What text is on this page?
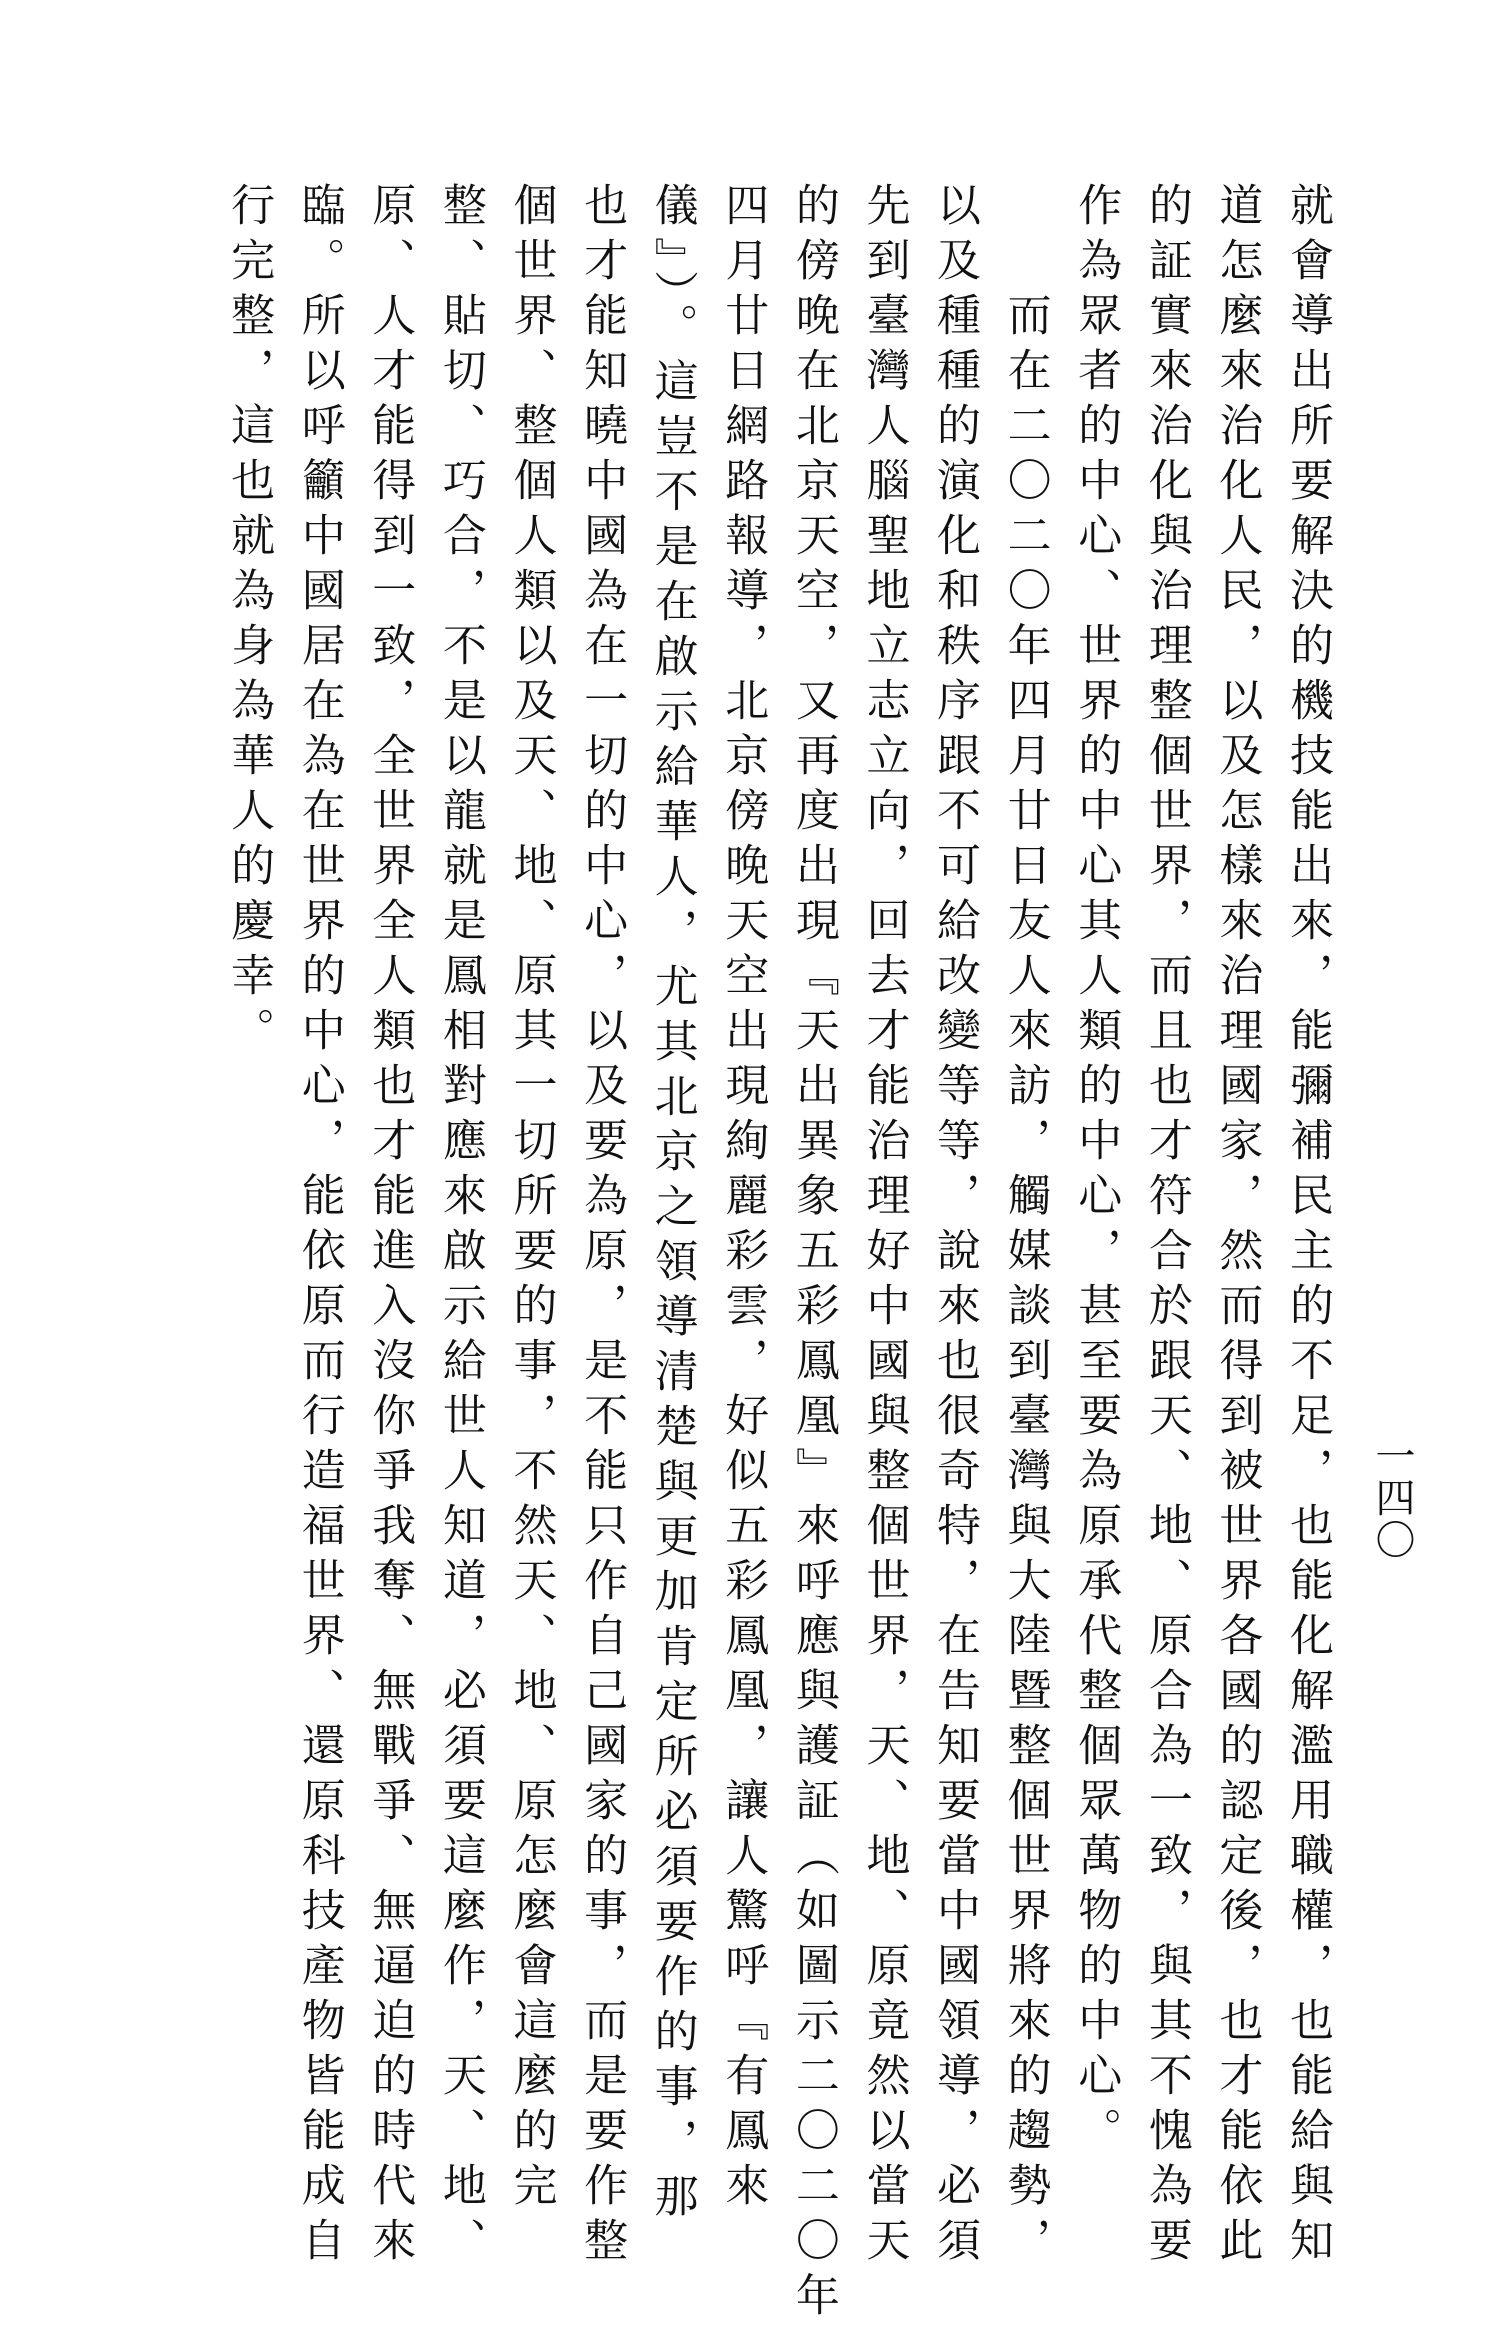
一四〇
就會導出所要解決的機技能出來，能彌補民主的不足，也能化解濫用職權，也能給與知
道怎麼來治化人民，以及怎樣來治理國家，然而得到被世界各國的認定後，也才能依此
的証實來治化與治理整個世界，而且也才符合於跟天、地、原合為一致，與其不愧為要
作為眾者的中心、世界的中心其人類的中心，甚至要為原承代整個眾萬物的中心。
　　而在二〇二〇年四月廿日友人來訪，觸媒談到臺灣與大陸暨整個世界將來的趨勢，
以及種種的演化和秩序跟不可給改變等等，說來也很奇特，在告知要當中國領導，必須
先到臺灣人腦聖地立志立向，回去才能治理好中國與整個世界，天、地、原竟然以當天
的傍晚在北京天空，又再度出現『天出異象五彩鳳凰』來呼應與護証（如圖示二〇二〇年
四月廿日網路報導，北京傍晚天空出現絢麗彩雲，好似五彩鳳凰，讓人驚呼『有鳳來
儀』）。這豈不是在啟示給華人，尤其北京之領導清楚與更加肯定所必須要作的事，那
也才能知曉中國為在一切的中心，以及要為原，是不能只作自己國家的事，而是要作整
個世界、整個人類以及天、地、原其一切所要的事，不然天、地、原怎麼會這麼的完
整、貼切、巧合，不是以龍就是鳳相對應來啟示給世人知道，必須要這麼作，天、地、
原、人才能得到一致，全世界全人類也才能進入沒你爭我奪、無戰爭、無逼迫的時代來
臨。所以呼籲中國居在為在世界的中心，能依原而行造福世界、還原科技產物皆能成自
行完整，這也就為身為華人的慶幸。
